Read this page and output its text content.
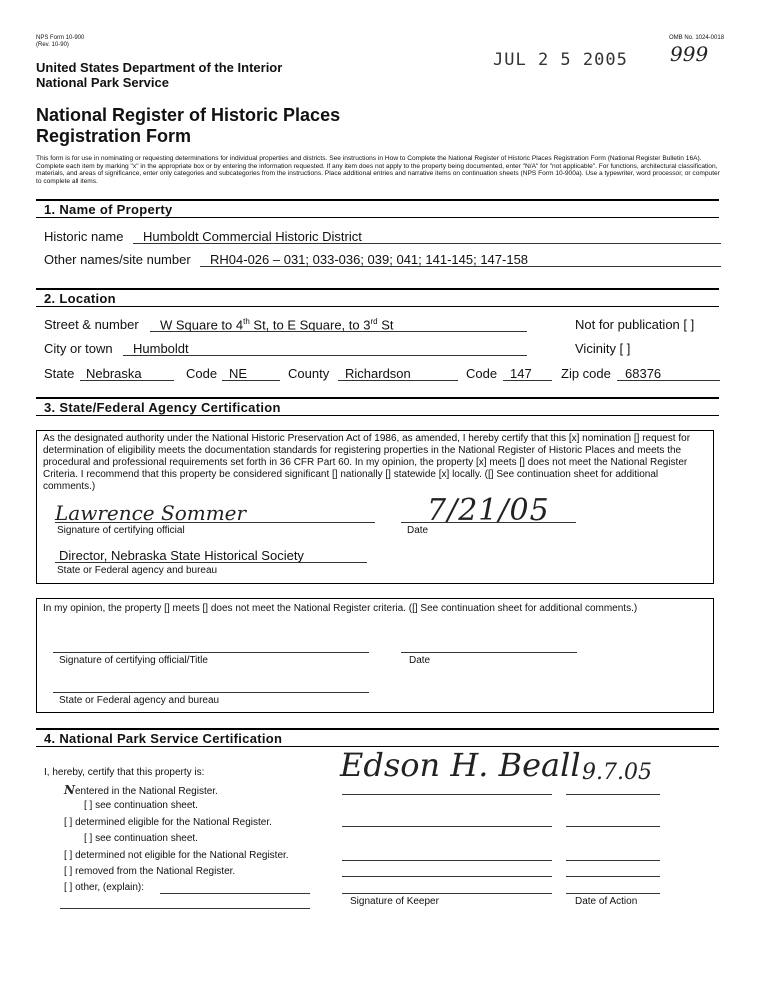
NPS Form 10-900
(Rev. 10-90)
OMB No. 1024-0018
999
JUL 2 5 2005
United States Department of the Interior
National Park Service
National Register of Historic Places
Registration Form
This form is for use in nominating or requesting determinations for individual properties and districts. See instructions in How to Complete the National Register of Historic Places Registration Form (National Register Bulletin 16A). Complete each item by marking "x" in the appropriate box or by entering the information requested. If any item does not apply to the property being documented, enter "N/A" for "not applicable". For functions, architectural classification, materials, and areas of significance, enter only categories and subcategories from the instructions. Place additional entries and narrative items on continuation sheets (NPS Form 10-900a). Use a typewriter, word processor, or computer to complete all items.
1. Name of Property
Historic name Humboldt Commercial Historic District
Other names/site number RH04-026 – 031; 033-036; 039; 041; 141-145; 147-158
2. Location
Street & number W Square to 4th St, to E Square, to 3rd St	Not for publication [ ]
City or town Humboldt	Vicinity [ ]
State Nebraska	Code NE	County Richardson	Code 147 Zip code 68376
3. State/Federal Agency Certification
As the designated authority under the National Historic Preservation Act of 1986, as amended, I hereby certify that this [x] nomination [] request for determination of eligibility meets the documentation standards for registering properties in the National Register of Historic Places and meets the procedural and professional requirements set forth in 36 CFR Part 60. In my opinion, the property [x] meets [] does not meet the National Register Criteria. I recommend that this property be considered significant [] nationally [] statewide [x] locally. ([] See continuation sheet for additional comments.)
Lawrence Sommer
Signature of certifying official
7/21/05
Date
Director, Nebraska State Historical Society
State or Federal agency and bureau
In my opinion, the property [] meets [] does not meet the National Register criteria. ([] See continuation sheet for additional comments.)
Signature of certifying official/Title	Date
State or Federal agency and bureau
4. National Park Service Certification
I, hereby, certify that this property is:
Nentered in the National Register.
[ ] see continuation sheet.
[ ] determined eligible for the National Register.
[ ] see continuation sheet.
[ ] determined not eligible for the National Register.
[ ] removed from the National Register.
[ ] other, (explain):
Edson H. Beall 9.7.05
Signature of Keeper	Date of Action
